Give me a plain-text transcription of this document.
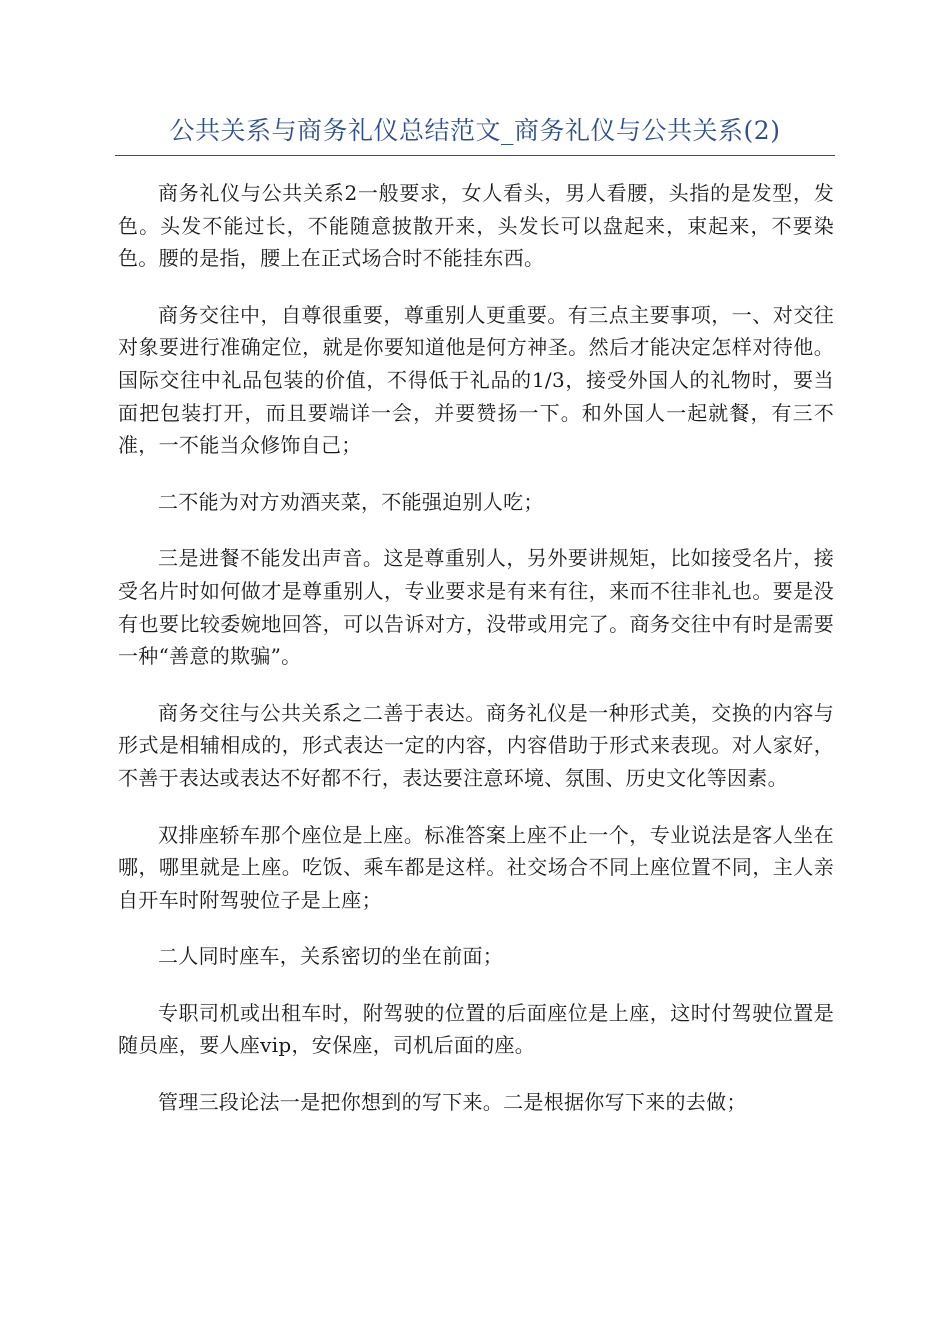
公共关系与商务礼仪总结范文_商务礼仪与公共关系(2)

商务礼仪与公共关系2一般要求，女人看头，男人看腰，头指的是发型，发色。头发不能过长，不能随意披散开来，头发长可以盘起来，束起来，不要染色。腰的是指，腰上在正式场合时不能挂东西。

商务交往中，自尊很重要，尊重别人更重要。有三点主要事项，一、对交往对象要进行准确定位，就是你要知道他是何方神圣。然后才能决定怎样对待他。国际交往中礼品包装的价值，不得低于礼品的1/3，接受外国人的礼物时，要当面把包装打开，而且要端详一会，并要赞扬一下。和外国人一起就餐，有三不准，一不能当众修饰自己；

二不能为对方劝酒夹菜，不能强迫别人吃；

三是进餐不能发出声音。这是尊重别人，另外要讲规矩，比如接受名片，接受名片时如何做才是尊重别人，专业要求是有来有往，来而不往非礼也。要是没有也要比较委婉地回答，可以告诉对方，没带或用完了。商务交往中有时是需要一种“善意的欺骗”。

商务交往与公共关系之二善于表达。商务礼仪是一种形式美，交换的内容与形式是相辅相成的，形式表达一定的内容，内容借助于形式来表现。对人家好，不善于表达或表达不好都不行，表达要注意环境、氛围、历史文化等因素。

双排座轿车那个座位是上座。标准答案上座不止一个，专业说法是客人坐在哪，哪里就是上座。吃饭、乘车都是这样。社交场合不同上座位置不同，主人亲自开车时附驾驶位子是上座；

二人同时座车，关系密切的坐在前面；

专职司机或出租车时，附驾驶的位置的后面座位是上座，这时付驾驶位置是随员座，要人座vip，安保座，司机后面的座。

管理三段论法一是把你想到的写下来。二是根据你写下来的去做；
